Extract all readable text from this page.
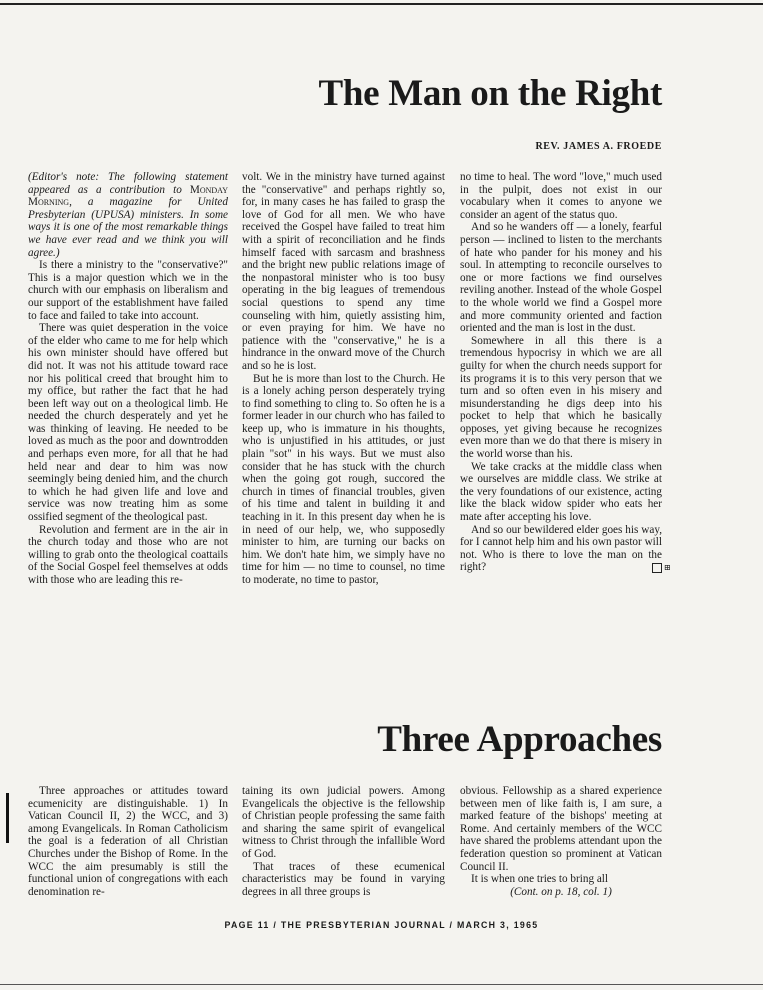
The Man on the Right
REV. JAMES A. FROEDE

(Editor's note: The following statement appeared as a contribution to Monday Morning, a magazine for United Presbyterian (UPUSA) ministers. In some ways it is one of the most remarkable things we have ever read and we think you will agree.)

Is there a ministry to the "conservative?" This is a major question which we in the church with our emphasis on liberalism and our support of the establishment have failed to face and failed to take into account.

There was quiet desperation in the voice of the elder who came to me for help which his own minister should have offered but did not. It was not his attitude toward race nor his political creed that brought him to my office, but rather the fact that he had been left way out on a theological limb. He needed the church desperately and yet he was thinking of leaving. He needed to be loved as much as the poor and downtrodden and perhaps even more, for all that he had held near and dear to him was now seemingly being denied him, and the church to which he had given life and love and service was now treating him as some ossified segment of the theological past.

Revolution and ferment are in the air in the church today and those who are not willing to grab onto the theological coattails of the Social Gospel feel themselves at odds with those who are leading this re-

volt. We in the ministry have turned against the "conservative" and perhaps rightly so, for, in many cases he has failed to grasp the love of God for all men. We who have received the Gospel have failed to treat him with a spirit of reconciliation and he finds himself faced with sarcasm and brashness and the bright new public relations image of the nonpastoral minister who is too busy operating in the big leagues of tremendous social questions to spend any time counseling with him, quietly assisting him, or even praying for him. We have no patience with the "conservative," he is a hindrance in the onward move of the Church and so he is lost.

But he is more than lost to the Church. He is a lonely aching person desperately trying to find something to cling to. So often he is a former leader in our church who has failed to keep up, who is immature in his thoughts, who is unjustified in his attitudes, or just plain "sot" in his ways. But we must also consider that he has stuck with the church when the going got rough, succored the church in times of financial troubles, given of his time and talent in building it and teaching in it. In this present day when he is in need of our help, we, who supposedly minister to him, are turning our backs on him. We don't hate him, we simply have no time for him — no time to counsel, no time to moderate, no time to pastor,

no time to heal. The word "love," much used in the pulpit, does not exist in our vocabulary when it comes to anyone we consider an agent of the status quo.

And so he wanders off — a lonely, fearful person — inclined to listen to the merchants of hate who pander for his money and his soul. In attempting to reconcile ourselves to one or more factions we find ourselves reviling another. Instead of the whole Gospel to the whole world we find a Gospel more and more community oriented and faction oriented and the man is lost in the dust.

Somewhere in all this there is a tremendous hypocrisy in which we are all guilty for when the church needs support for its programs it is to this very person that we turn and so often even in his misery and misunderstanding he digs deep into his pocket to help that which he basically opposes, yet giving because he recognizes even more than we do that there is misery in the world worse than his.

We take cracks at the middle class when we ourselves are middle class. We strike at the very foundations of our existence, acting like the black widow spider who eats her mate after accepting his love.

And so our bewildered elder goes his way, for I cannot help him and his own pastor will not. Who is there to love the man on the right?	⊞

Three Approaches

Three approaches or attitudes toward ecumenicity are distinguishable. 1) In Vatican Council II, 2) the WCC, and 3) among Evangelicals. In Roman Catholicism the goal is a federation of all Christian Churches under the Bishop of Rome. In the WCC the aim presumably is still the functional union of congregations with each denomination re-

taining its own judicial powers. Among Evangelicals the objective is the fellowship of Christian people professing the same faith and sharing the same spirit of evangelical witness to Christ through the infallible Word of God.

That traces of these ecumenical characteristics may be found in varying degrees in all three groups is

obvious. Fellowship as a shared experience between men of like faith is, I am sure, a marked feature of the bishops' meeting at Rome. And certainly members of the WCC have shared the problems attendant upon the federation question so prominent at Vatican Council II.

It is when one tries to bring all

(Cont. on p. 18, col. 1)
PAGE 11 / THE PRESBYTERIAN JOURNAL / MARCH 3, 1965
